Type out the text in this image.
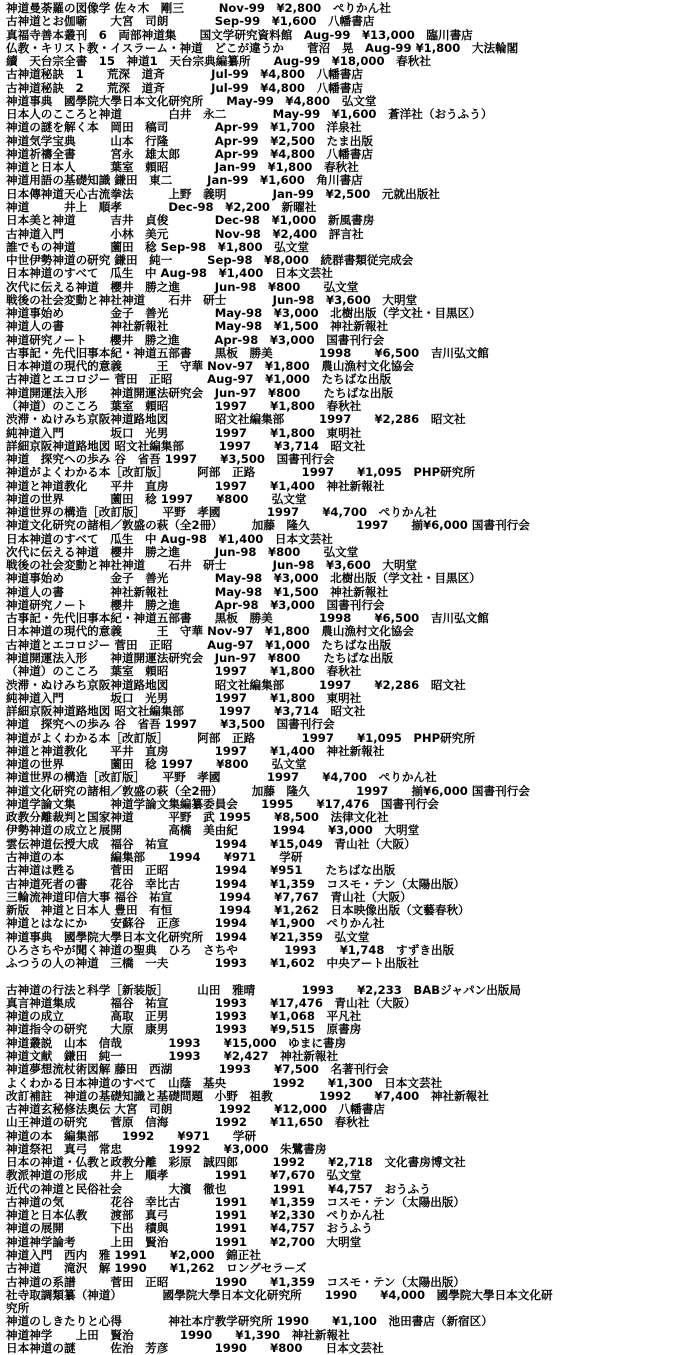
神道曼荼羅の図像学 佐々木　剛三　　　Nov-99　¥2,800　ぺりかん社
古神道とお伽噺　　大宮　司朗　　　　Sep-99　¥1,600　八幡書店
真福寺善本叢刊　6　両部神道集　　国文学研究資料館　Aug-99　¥13,000　臨川書店
仏教・キリスト教・イスラーム・神道　どこが違うか　　菅沼　晃　Aug-99 ¥1,800　大法輪閣
續　天台宗全書　15　神道1　天台宗典編纂所　　Aug-99　¥18,000　春秋社
古神道秘訣　1　　荒深　道斉　　　　Jul-99　¥4,800　八幡書店
古神道秘訣　2　　荒深　道斉　　　　Jul-99　¥4,800　八幡書店
神道事典　國學院大學日本文化研究所　　May-99　¥4,800　弘文堂
日本人のこころと神道　　　　白井　永二　　　　May-99　¥1,600　蒼洋社（おうふう）
神道の謎を解く本　岡田　稿司　　　　Apr-99　¥1,700　洋泉社
神道気学宝典　　　山本　行隆　　　　Apr-99　¥2,500　たま出版
神道祈禱全書　　　宮永　雄太郎　　　Apr-99　¥4,800　八幡書店
神道と日本人　　　葉室　頼昭　　　　Jan-99　¥1,800　春秋社
神道用語の基礎知識 鎌田　東二　　　Jan-99　¥1,600　角川書店
日本傳神道天心古流拳法　　　上野　義明　　　　Jan-99　¥2,500　元就出版社
神道　　　井上　順孝　　　　Dec-98　¥2,200　新曜社
日本美と神道　　　吉井　貞俊　　　　Dec-98　¥1,000　新風書房
古神道入門　　　　小林　美元　　　　Nov-98　¥2,400　評言社
誰でもの神道　　　薗田　稔 Sep-98　¥1,800　弘文堂
中世伊勢神道の研究 鎌田　純一　　　Sep-98　¥8,000　続群書類従完成会
日本神道のすべて　瓜生　中 Aug-98　¥1,400　日本文芸社
次代に伝える神道　櫻井　勝之進　　　Jun-98　¥800　　弘文堂
戦後の社会変動と神社神道　　石井　研士　　　　Jun-98　¥3,600　大明堂
神道事始め　　　　金子　善光　　　　May-98　¥3,000　北樹出版（学文社・目黒区）
神道人の書　　　　神社新報社　　　　May-98　¥1,500　神社新報社
神道研究ノート　　櫻井　勝之進　　　Apr-98　¥3,000　国書刊行会
古事記・先代旧事本紀・神道五部書　　黒板　勝美　　　　1998　　¥6,500　吉川弘文館
日本神道の現代的意義　　　王　守華 Nov-97　¥1,800　農山漁村文化協会
古神道とエコロジー 菅田　正昭　　　Aug-97　¥1,000　たちばな出版
神道開運法入形　　神道開運法研究会　Jun-97　¥800　　たちばな出版
（神道）のこころ　葉室　頼昭　　　　1997　　¥1,800　春秋社
渋滞・ぬけみち京阪神道路地図　　　　昭文社編集部　　　1997　　¥2,286　昭文社
純神道入門　　　　坂口　光男　　　　1997　　¥1,800　東明社
詳細京阪神道路地図 昭文社編集部　　　1997　　¥3,714　昭文社
神道　探究への歩み 谷　省吾 1997　　¥3,500　国書刊行会
神道がよくわかる本［改訂版］　　　阿部　正路　　　　1997　　¥1,095　PHP研究所
神道と神道教化　　平井　直房　　　　1997　　¥1,400　神社新報社
神道の世界　　　　薗田　稔 1997　　¥800　　弘文堂
神道世界の構造［改訂版］　　平野　孝國　　　　1997　　¥4,700　ぺりかん社
神道文化研究の諸相／敦盛の萩（全2冊）　　　加藤　隆久　　　　1997　　揃¥6,000 国書刊行会
日本神道のすべて　瓜生　中 Aug-98　¥1,400　日本文芸社
次代に伝える神道　櫻井　勝之進　　　Jun-98　¥800　　弘文堂
戦後の社会変動と神社神道　　石井　研士　　　　Jun-98　¥3,600　大明堂
神道事始め　　　　金子　善光　　　　May-98　¥3,000　北樹出版（学文社・目黒区）
神道人の書　　　　神社新報社　　　　May-98　¥1,500　神社新報社
神道研究ノート　　櫻井　勝之進　　　Apr-98　¥3,000　国書刊行会
古事記・先代旧事本紀・神道五部書　　黒板　勝美　　　　1998　　¥6,500　吉川弘文館
日本神道の現代的意義　　　王　守華 Nov-97　¥1,800　農山漁村文化協会
古神道とエコロジー 菅田　正昭　　　Aug-97　¥1,000　たちばな出版
神道開運法入形　　神道開運法研究会　Jun-97　¥800　　たちばな出版
（神道）のこころ　葉室　頼昭　　　　1997　　¥1,800　春秋社
渋滞・ぬけみち京阪神道路地図　　　　昭文社編集部　　　1997　　¥2,286　昭文社
純神道入門　　　　坂口　光男　　　　1997　　¥1,800　東明社
詳細京阪神道路地図 昭文社編集部　　　1997　　¥3,714　昭文社
神道　探究への歩み 谷　省吾 1997　　¥3,500　国書刊行会
神道がよくわかる本［改訂版］　　　阿部　正路　　　　1997　　¥1,095　PHP研究所
神道と神道教化　　平井　直房　　　　1997　　¥1,400　神社新報社
神道の世界　　　　薗田　稔 1997　　¥800　　弘文堂
神道世界の構造［改訂版］　　平野　孝國　　　　1997　　¥4,700　ぺりかん社
神道文化研究の諸相／敦盛の萩（全2冊）　　　加藤　隆久　　　　1997　　揃¥6,000 国書刊行会
神道学論文集　　　神道学論文集編纂委員会　　1995　　¥17,476　国書刊行会
政教分離裁判と国家神道　　　平野　武 1995　　¥8,500　法律文化社
伊勢神道の成立と展開　　　　高橋　美由紀　　　1994　　¥3,000　大明堂
雲伝神道伝授大成　福谷　祐宣　　　　1994　　¥15,049　青山社（大阪）
古神道の本　　　　編集部　　1994　　¥971　　学研
古神道は甦る　　　菅田　正昭　　　　1994　　¥951　　たちばな出版
古神道死者の書　　花谷　幸比古　　　1994　　¥1,359　コスモ・テン（太陽出版）
三輪流神道印信大事 福谷　祐宣　　　　1994　　¥7,767　青山社（大阪）
新版　神道と日本人 豊田　有恒　　　　1994　　¥1,262　日本映像出版（文藝春秋）
神道とはなにか　　安蘇谷　正彦　　　1994　　¥1,900　ぺりかん社
神道事典　國學院大學日本文化研究所　1994　　¥21,359　弘文堂
ひろさちやが聞く神道の聖典　ひろ　さちや　　　　1993　　¥1,748　すずき出版
ふつうの人の神道　三橋　一夫　　　　1993　　¥1,602　中央アート出版社
古神道の行法と科学［新装版］　　　山田　雅晴　　　　1993　　¥2,233　BABジャパン出版局
真言神道集成　　　福谷　祐宣　　　　1993　　¥17,476　青山社（大阪）
神道の成立　　　　高取　正男　　　　1993　　¥1,068　平凡社
神道指令の研究　　大原　康男　　　　1993　　¥9,515　原書房
神道叢説　山本　信哉　　　　1993　　¥15,000　ゆまに書房
神道文献　鎌田　純一　　　　1993　　¥2,427　神社新報社
神道夢想流杖術図解 藤田　西湖　　　　1993　　¥7,500　名著刊行会
よくわかる日本神道のすべて　山蔭　基央　　　　1992　　¥1,300　日本文芸社
改訂補註　神道の基礎知識と基礎問題　小野　祖教　　　　1992　　¥7,400　神社新報社
古神道玄秘修法奥伝 大宮　司朗　　　　1992　　¥12,000　八幡書店
山王神道の研究　　菅原　信海　　　　1992　　¥11,650　春秋社
神道の本　編集部　　1992　　¥971　　学研
神道祭祀　真弓　常忠　　　　1992　　¥3,000　朱鷺書房
日本の神道・仏教と政教分離　彩原　誠四郎　　　1992　　¥2,718　文化書房博文社
教派神道の形成　　井上　順孝　　　　1991　　¥7,670　弘文堂
近代の神道と民俗社会　　　　大濱　徹也　　　　1991　　¥4,757　おうふう
古神道の気　　　　花谷　幸比古　　　1991　　¥1,359　コスモ・テン（太陽出版）
神道と日本仏教　　渡部　真弓　　　　1991　　¥2,330　ぺりかん社
神道の展開　　　　下出　積與　　　　1991　　¥4,757　おうふう
神道神学論考　　　上田　賢治　　　　1991　　¥2,700　大明堂
神道入門　西内　雅 1991　　¥2,000　錦正社
古神道　　滝沢　解 1990　　¥1,262　ロングセラーズ
古神道の系譜　　　菅田　正昭　　　　1990　　¥1,359　コスモ・テン（太陽出版）
社寺取調類纂（神道）　　　　國學院大學日本文化研究所　　1990　　¥4,000　國學院大學日本文化研
究所
神道のしきたりと心得　　　　神社本庁教学研究所 1990　　¥1,100　池田書店（新宿区）
神道神学　　上田　賢治　　　　1990　　¥1,390　神社新報社
日本神道の謎　　　佐治　芳彦　　　　1990　　¥800　　日本文芸社
